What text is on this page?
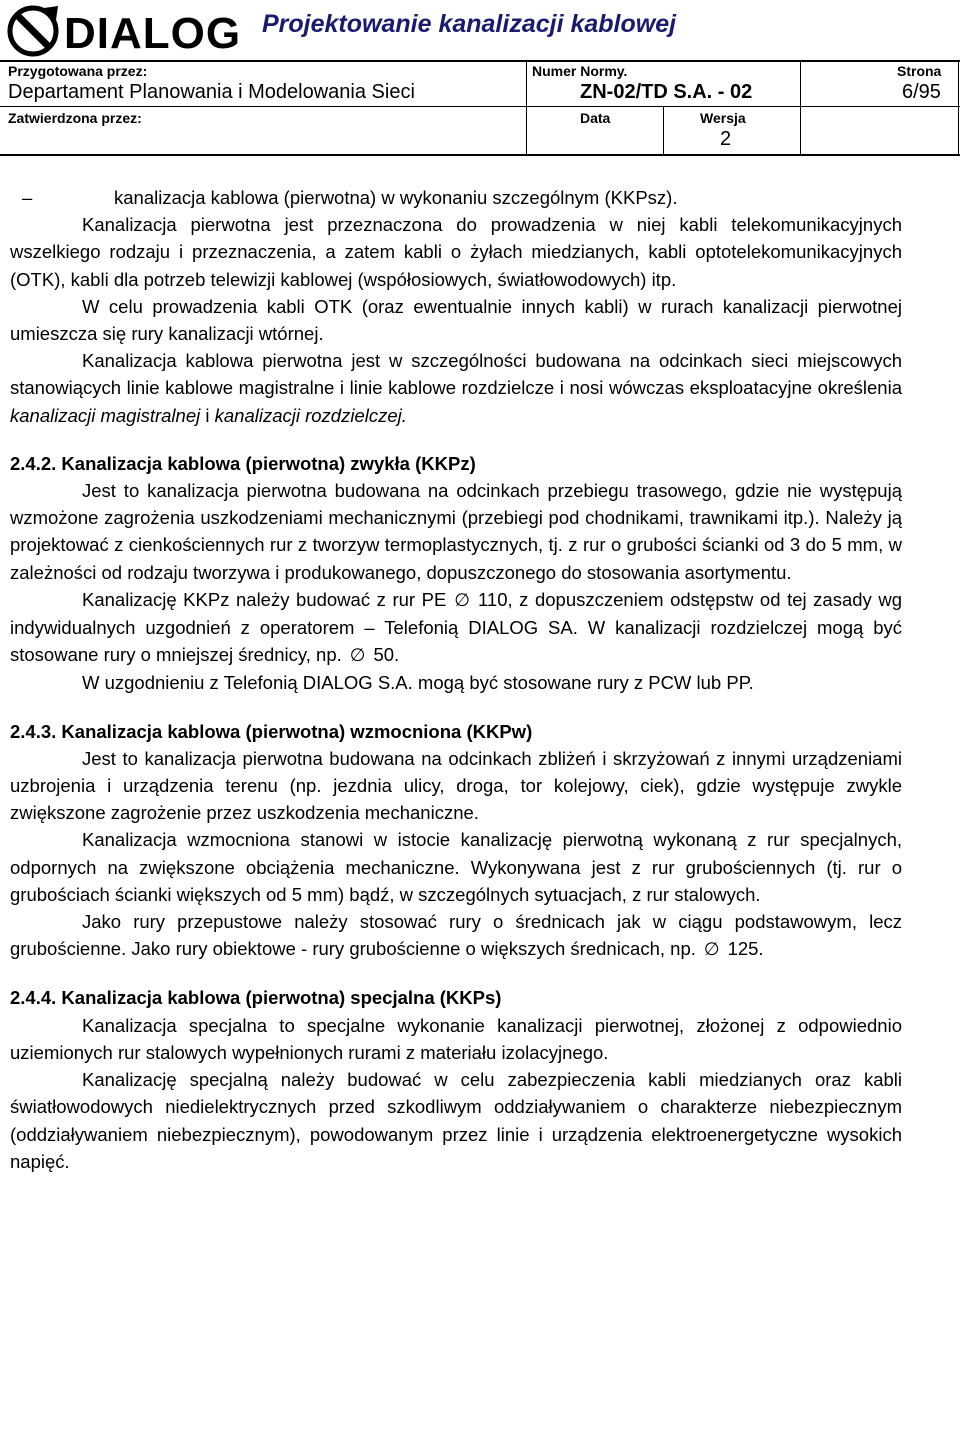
DIALOG Projektowanie kanalizacji kablowej
Przygotowana przez:
Departament Planowania i Modelowania Sieci
Zatwierdzona przez:
Numer Normy.
ZN-02/TD S.A. - 02
Data	Wersja
2
Strona
6/95

–	kanalizacja kablowa (pierwotna) w wykonaniu szczególnym (KKPsz).

Kanalizacja pierwotna jest przeznaczona do prowadzenia w niej kabli telekomunikacyjnych wszelkiego rodzaju i przeznaczenia, a zatem kabli o żyłach miedzianych, kabli optotelekomunikacyjnych (OTK), kabli dla potrzeb telewizji kablowej (współosiowych, światłowodowych) itp.

W celu prowadzenia kabli OTK (oraz ewentualnie innych kabli) w rurach kanalizacji pierwotnej umieszcza się rury kanalizacji wtórnej.

Kanalizacja kablowa pierwotna jest w szczególności budowana na odcinkach sieci miejscowych stanowiących linie kablowe magistralne i linie kablowe rozdzielcze i nosi wówczas eksploatacyjne określenia kanalizacji magistralnej i kanalizacji rozdzielczej.

2.4.2. Kanalizacja kablowa (pierwotna) zwykła (KKPz)

Jest to kanalizacja pierwotna budowana na odcinkach przebiegu trasowego, gdzie nie występują wzmożone zagrożenia uszkodzeniami mechanicznymi (przebiegi pod chodnikami, trawnikami itp.). Należy ją projektować z cienkościennych rur z tworzyw termoplastycznych, tj. z rur o grubości ścianki od 3 do 5 mm, w zależności od rodzaju tworzywa i produkowanego, dopuszczonego do stosowania asortymentu.

Kanalizację KKPz należy budować z rur PE ∅ 110, z dopuszczeniem odstępstw od tej zasady wg indywidualnych uzgodnień z operatorem – Telefonią DIALOG SA. W kanalizacji rozdzielczej mogą być stosowane rury o mniejszej średnicy, np. ∅ 50.

W uzgodnieniu z Telefonią DIALOG S.A. mogą być stosowane rury z PCW lub PP.

2.4.3. Kanalizacja kablowa (pierwotna) wzmocniona (KKPw)

Jest to kanalizacja pierwotna budowana na odcinkach zbliżeń i skrzyżowań z innymi urządzeniami uzbrojenia i urządzenia terenu (np. jezdnia ulicy, droga, tor kolejowy, ciek), gdzie występuje zwykle zwiększone zagrożenie przez uszkodzenia mechaniczne.

Kanalizacja wzmocniona stanowi w istocie kanalizację pierwotną wykonaną z rur specjalnych, odpornych na zwiększone obciążenia mechaniczne. Wykonywana jest z rur grubościennych (tj. rur o grubościach ścianki większych od 5 mm) bądź, w szczególnych sytuacjach, z rur stalowych.

Jako rury przepustowe należy stosować rury o średnicach jak w ciągu podstawowym, lecz grubościenne. Jako rury obiektowe - rury grubościenne o większych średnicach, np. ∅ 125.

2.4.4. Kanalizacja kablowa (pierwotna) specjalna (KKPs)

Kanalizacja specjalna to specjalne wykonanie kanalizacji pierwotnej, złożonej z odpowiednio uziemionych rur stalowych wypełnionych rurami z materiału izolacyjnego.

Kanalizację specjalną należy budować w celu zabezpieczenia kabli miedzianych oraz kabli światłowodowych niedielektrycznych przed szkodliwym oddziaływaniem o charakterze niebezpiecznym (oddziaływaniem niebezpiecznym), powodowanym przez linie i urządzenia elektroenergetyczne wysokich napięć.
